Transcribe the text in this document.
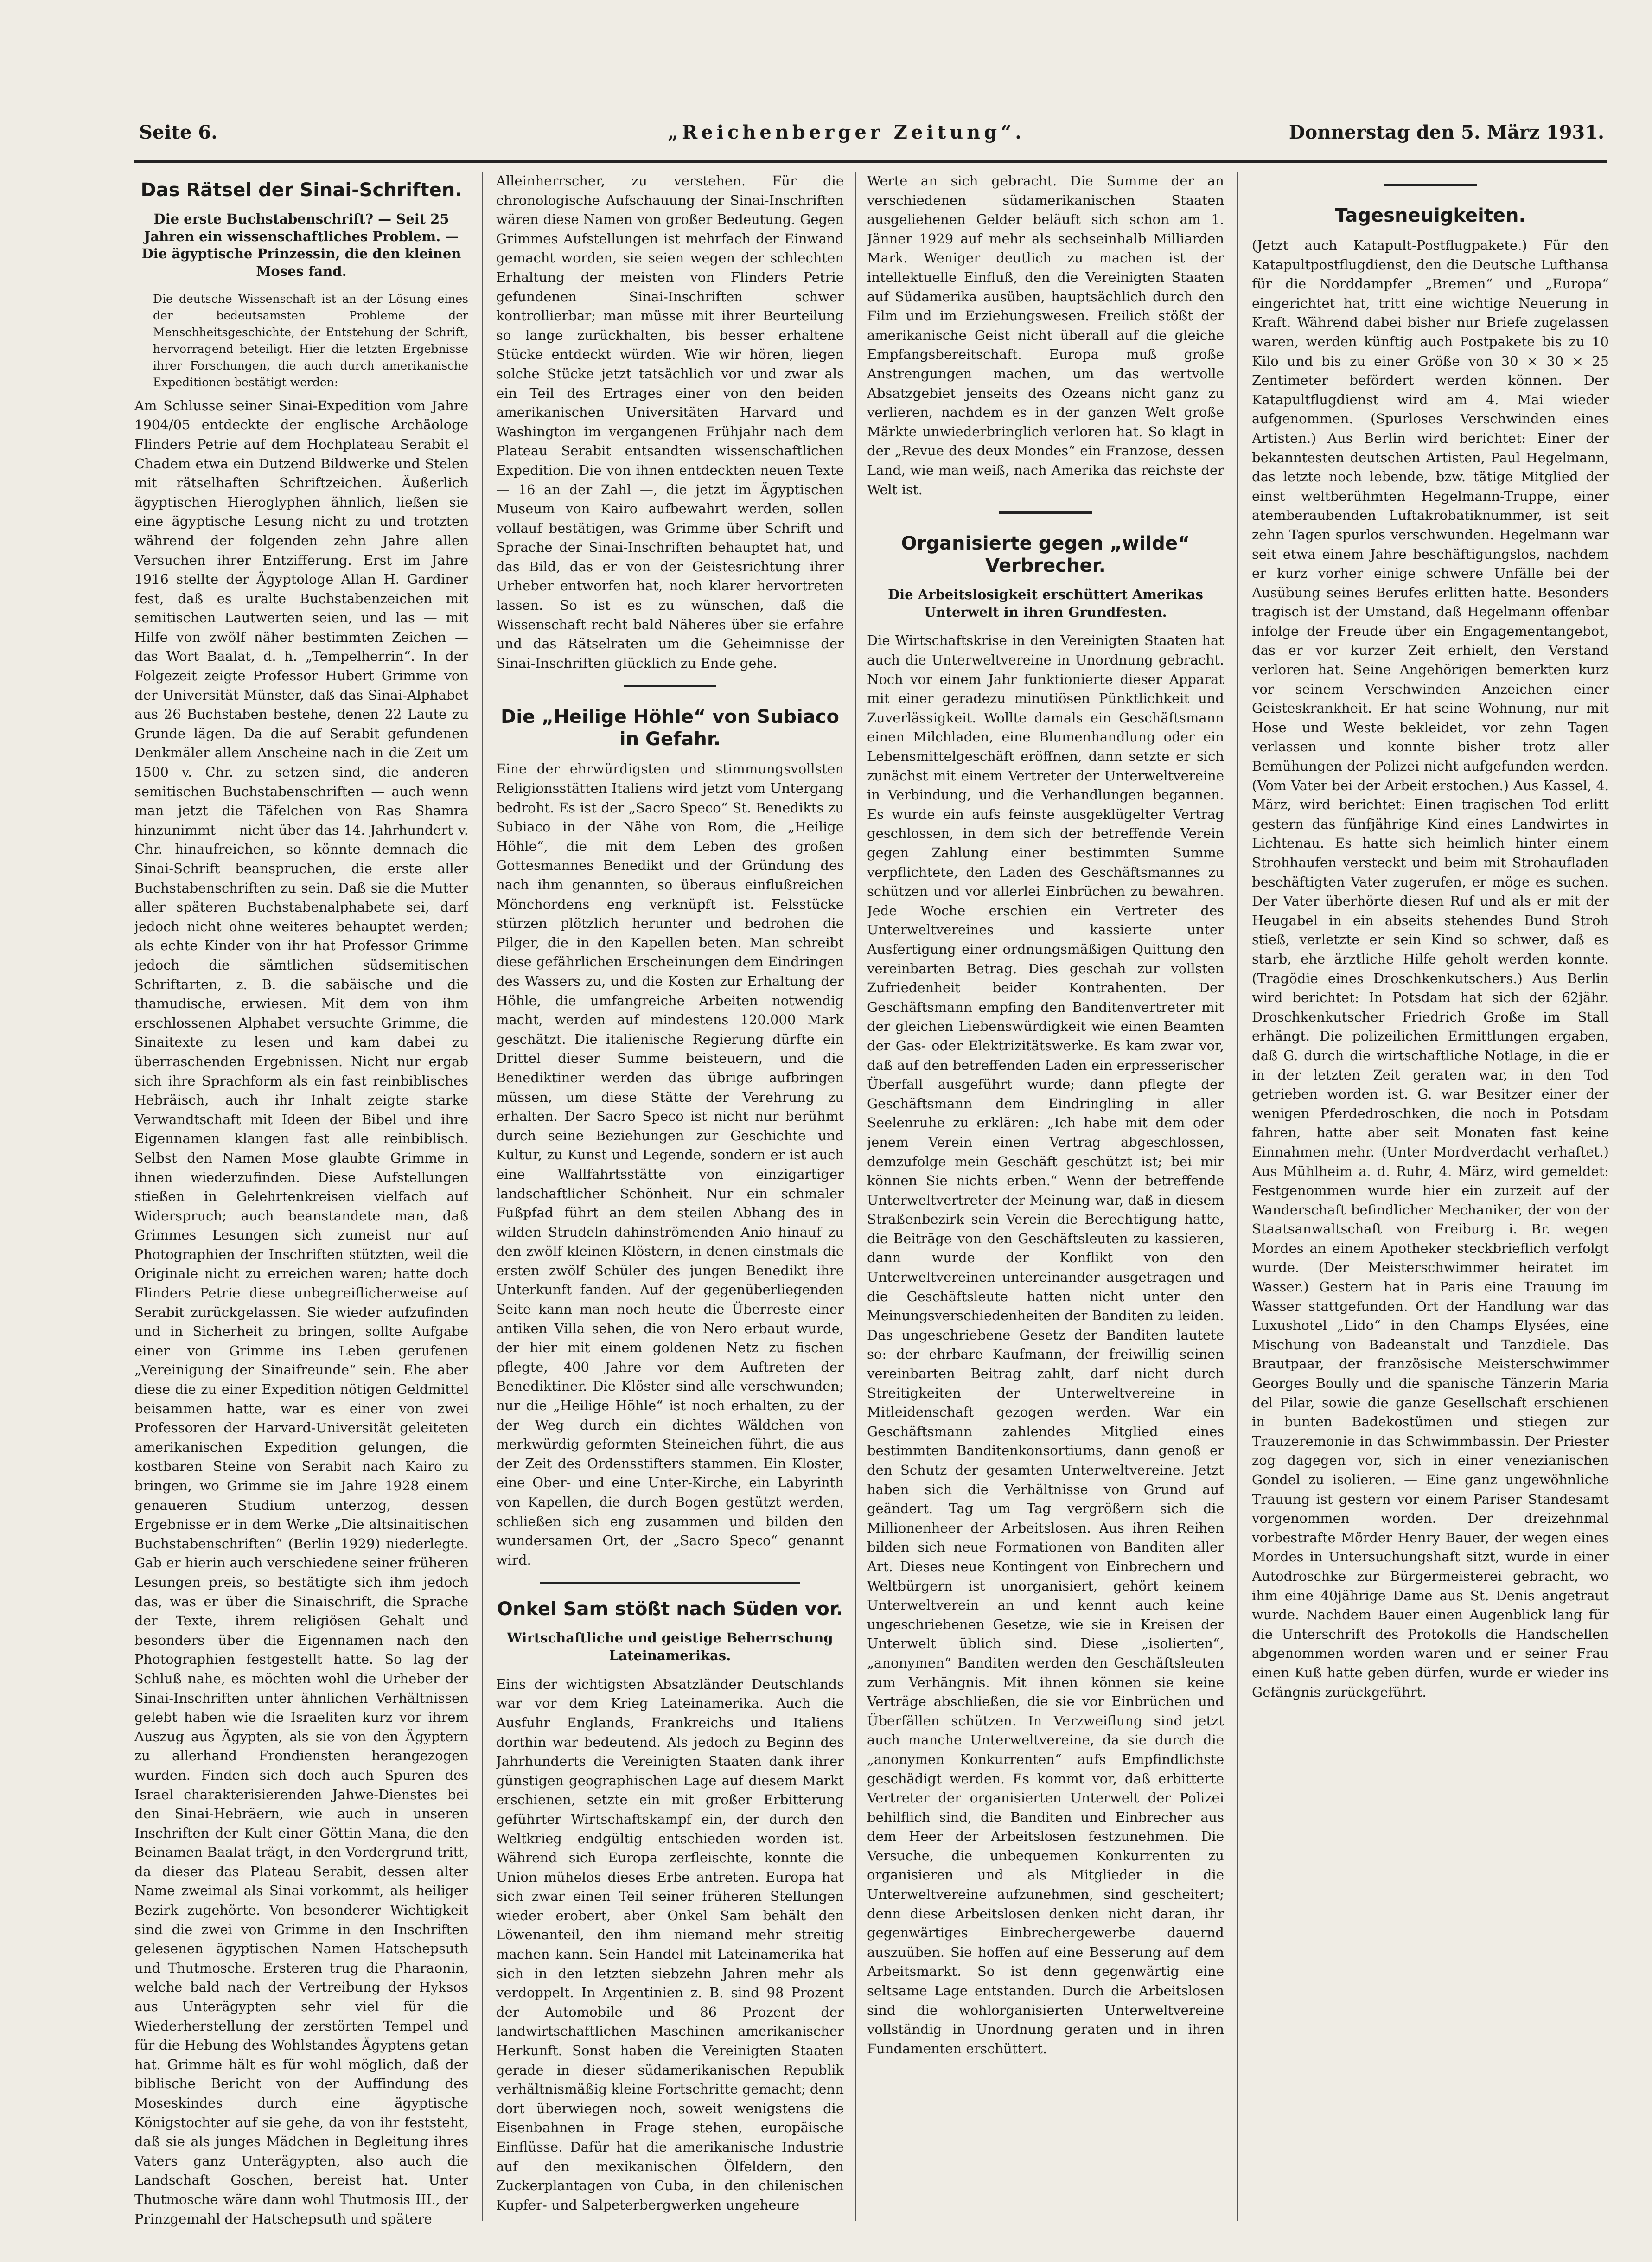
Seite 6.	„Reichenberger Zeitung“.	Donnerstag den 5. März 1931.
Das Rätsel der Sinai-Schriften.
Die erste Buchstabenschrift? — Seit 25 Jahren ein wissenschaftliches Problem. — Die ägyptische Prinzessin, die den kleinen Moses fand.

Die deutsche Wissenschaft ist an der Lösung eines der bedeutsamsten Probleme der Menschheitsgeschichte, der Entstehung der Schrift, hervorragend beteiligt. Hier die letzten Ergebnisse ihrer Forschungen, die auch durch amerikanische Expeditionen bestätigt werden:

Am Schlusse seiner Sinai-Expedition vom Jahre 1904/05 entdeckte der englische Archäologe Flinders Petrie auf dem Hochplateau Serabit el Chadem etwa ein Dutzend Bildwerke und Stelen mit rätselhaften Schriftzeichen. Äußerlich ägyptischen Hieroglyphen ähnlich, ließen sie eine ägyptische Lesung nicht zu und trotzten während der folgenden zehn Jahre allen Versuchen ihrer Entzifferung. Erst im Jahre 1916 stellte der Ägyptologe Allan H. Gardiner fest, daß es uralte Buchstabenzeichen mit semitischen Lautwerten seien, und las — mit Hilfe von zwölf näher bestimmten Zeichen — das Wort Baalat, d. h. „Tempelherrin“. In der Folgezeit zeigte Professor Hubert Grimme von der Universität Münster, daß das Sinai-Alphabet aus 26 Buchstaben bestehe, denen 22 Laute zu Grunde lägen. Da die auf Serabit gefundenen Denkmäler allem Anscheine nach in die Zeit um 1500 v. Chr. zu setzen sind, die anderen semitischen Buchstabenschriften — auch wenn man jetzt die Täfelchen von Ras Shamra hinzunimmt — nicht über das 14. Jahrhundert v. Chr. hinaufreichen, so könnte demnach die Sinai-Schrift beanspruchen, die erste aller Buchstabenschriften zu sein. Daß sie die Mutter aller späteren Buchstabenalphabete sei, darf jedoch nicht ohne weiteres behauptet werden; als echte Kinder von ihr hat Professor Grimme jedoch die sämtlichen südsemitischen Schriftarten, z. B. die sabäische und die thamudische, erwiesen. Mit dem von ihm erschlossenen Alphabet versuchte Grimme, die Sinaitexte zu lesen und kam dabei zu überraschenden Ergebnissen. Nicht nur ergab sich ihre Sprachform als ein fast reinbiblisches Hebräisch, auch ihr Inhalt zeigte starke Verwandtschaft mit Ideen der Bibel und ihre Eigennamen klangen fast alle reinbiblisch. Selbst den Namen Mose glaubte Grimme in ihnen wiederzufinden. Diese Aufstellungen stießen in Gelehrtenkreisen vielfach auf Widerspruch; auch beanstandete man, daß Grimmes Lesungen sich zumeist nur auf Photographien der Inschriften stützten, weil die Originale nicht zu erreichen waren; hatte doch Flinders Petrie diese unbegreiflicherweise auf Serabit zurückgelassen. Sie wieder aufzufinden und in Sicherheit zu bringen, sollte Aufgabe einer von Grimme ins Leben gerufenen „Vereinigung der Sinaifreunde“ sein. Ehe aber diese die zu einer Expedition nötigen Geldmittel beisammen hatte, war es einer von zwei Professoren der Harvard-Universität geleiteten amerikanischen Expedition gelungen, die kostbaren Steine von Serabit nach Kairo zu bringen, wo Grimme sie im Jahre 1928 einem genaueren Studium unterzog, dessen Ergebnisse er in dem Werke „Die altsinaitischen Buchstabenschriften“ (Berlin 1929) niederlegte. Gab er hierin auch verschiedene seiner früheren Lesungen preis, so bestätigte sich ihm jedoch das, was er über die Sinaischrift, die Sprache der Texte, ihrem religiösen Gehalt und besonders über die Eigennamen nach den Photographien festgestellt hatte. So lag der Schluß nahe, es möchten wohl die Urheber der Sinai-Inschriften unter ähnlichen Verhältnissen gelebt haben wie die Israeliten kurz vor ihrem Auszug aus Ägypten, als sie von den Ägyptern zu allerhand Frondiensten herangezogen wurden. Finden sich doch auch Spuren des Israel charakterisierenden Jahwe-Dienstes bei den Sinai-Hebräern, wie auch in unseren Inschriften der Kult einer Göttin Mana, die den Beinamen Baalat trägt, in den Vordergrund tritt, da dieser das Plateau Serabit, dessen alter Name zweimal als Sinai vorkommt, als heiliger Bezirk zugehörte. Von besonderer Wichtigkeit sind die zwei von Grimme in den Inschriften gelesenen ägyptischen Namen Hatschepsuth und Thutmosche. Ersteren trug die Pharaonin, welche bald nach der Vertreibung der Hyksos aus Unterägypten sehr viel für die Wiederherstellung der zerstörten Tempel und für die Hebung des Wohlstandes Ägyptens getan hat. Grimme hält es für wohl möglich, daß der biblische Bericht von der Auffindung des Moseskindes durch eine ägyptische Königstochter auf sie gehe, da von ihr feststeht, daß sie als junges Mädchen in Begleitung ihres Vaters ganz Unterägypten, also auch die Landschaft Goschen, bereist hat. Unter Thutmosche wäre dann wohl Thutmosis III., der Prinzgemahl der Hatschepsuth und spätere

Alleinherrscher, zu verstehen. Für die chronologische Aufschauung der Sinai-Inschriften wären diese Namen von großer Bedeutung. Gegen Grimmes Aufstellungen ist mehrfach der Einwand gemacht worden, sie seien wegen der schlechten Erhaltung der meisten von Flinders Petrie gefundenen Sinai-Inschriften schwer kontrollierbar; man müsse mit ihrer Beurteilung so lange zurückhalten, bis besser erhaltene Stücke entdeckt würden. Wie wir hören, liegen solche Stücke jetzt tatsächlich vor und zwar als ein Teil des Ertrages einer von den beiden amerikanischen Universitäten Harvard und Washington im vergangenen Frühjahr nach dem Plateau Serabit entsandten wissenschaftlichen Expedition. Die von ihnen entdeckten neuen Texte — 16 an der Zahl —, die jetzt im Ägyptischen Museum von Kairo aufbewahrt werden, sollen vollauf bestätigen, was Grimme über Schrift und Sprache der Sinai-Inschriften behauptet hat, und das Bild, das er von der Geistesrichtung ihrer Urheber entworfen hat, noch klarer hervortreten lassen. So ist es zu wünschen, daß die Wissenschaft recht bald Näheres über sie erfahre und das Rätselraten um die Geheimnisse der Sinai-Inschriften glücklich zu Ende gehe.

Die „Heilige Höhle“ von Subiaco in Gefahr.

Eine der ehrwürdigsten und stimmungsvollsten Religionsstätten Italiens wird jetzt vom Untergang bedroht. Es ist der „Sacro Speco“ St. Benedikts zu Subiaco in der Nähe von Rom, die „Heilige Höhle“, die mit dem Leben des großen Gottesmannes Benedikt und der Gründung des nach ihm genannten, so überaus einflußreichen Mönchordens eng verknüpft ist. Felsstücke stürzen plötzlich herunter und bedrohen die Pilger, die in den Kapellen beten. Man schreibt diese gefährlichen Erscheinungen dem Eindringen des Wassers zu, und die Kosten zur Erhaltung der Höhle, die umfangreiche Arbeiten notwendig macht, werden auf mindestens 120.000 Mark geschätzt. Die italienische Regierung dürfte ein Drittel dieser Summe beisteuern, und die Benediktiner werden das übrige aufbringen müssen, um diese Stätte der Verehrung zu erhalten. Der Sacro Speco ist nicht nur berühmt durch seine Beziehungen zur Geschichte und Kultur, zu Kunst und Legende, sondern er ist auch eine Wallfahrtsstätte von einzigartiger landschaftlicher Schönheit. Nur ein schmaler Fußpfad führt an dem steilen Abhang des in wilden Strudeln dahinströmenden Anio hinauf zu den zwölf kleinen Klöstern, in denen einstmals die ersten zwölf Schüler des jungen Benedikt ihre Unterkunft fanden. Auf der gegenüberliegenden Seite kann man noch heute die Überreste einer antiken Villa sehen, die von Nero erbaut wurde, der hier mit einem goldenen Netz zu fischen pflegte, 400 Jahre vor dem Auftreten der Benediktiner. Die Klöster sind alle verschwunden; nur die „Heilige Höhle“ ist noch erhalten, zu der der Weg durch ein dichtes Wäldchen von merkwürdig geformten Steineichen führt, die aus der Zeit des Ordensstifters stammen. Ein Kloster, eine Ober- und eine Unter-Kirche, ein Labyrinth von Kapellen, die durch Bogen gestützt werden, schließen sich eng zusammen und bilden den wundersamen Ort, der „Sacro Speco“ genannt wird.

Onkel Sam stößt nach Süden vor.
Wirtschaftliche und geistige Beherrschung Lateinamerikas.

Eins der wichtigsten Absatzländer Deutschlands war vor dem Krieg Lateinamerika. Auch die Ausfuhr Englands, Frankreichs und Italiens dorthin war bedeutend. Als jedoch zu Beginn des Jahrhunderts die Vereinigten Staaten dank ihrer günstigen geographischen Lage auf diesem Markt erschienen, setzte ein mit großer Erbitterung geführter Wirtschaftskampf ein, der durch den Weltkrieg endgültig entschieden worden ist. Während sich Europa zerfleischte, konnte die Union mühelos dieses Erbe antreten. Europa hat sich zwar einen Teil seiner früheren Stellungen wieder erobert, aber Onkel Sam behält den Löwenanteil, den ihm niemand mehr streitig machen kann. Sein Handel mit Lateinamerika hat sich in den letzten siebzehn Jahren mehr als verdoppelt. In Argentinien z. B. sind 98 Prozent der Automobile und 86 Prozent der landwirtschaftlichen Maschinen amerikanischer Herkunft. Sonst haben die Vereinigten Staaten gerade in dieser südamerikanischen Republik verhältnismäßig kleine Fortschritte gemacht; denn dort überwiegen noch, soweit wenigstens die Eisenbahnen in Frage stehen, europäische Einflüsse. Dafür hat die amerikanische Industrie auf den mexikanischen Ölfeldern, den Zuckerplantagen von Cuba, in den chilenischen Kupfer- und Salpeterbergwerken ungeheure

Werte an sich gebracht. Die Summe der an verschiedenen südamerikanischen Staaten ausgeliehenen Gelder beläuft sich schon am 1. Jänner 1929 auf mehr als sechseinhalb Milliarden Mark. Weniger deutlich zu machen ist der intellektuelle Einfluß, den die Vereinigten Staaten auf Südamerika ausüben, hauptsächlich durch den Film und im Erziehungswesen. Freilich stößt der amerikanische Geist nicht überall auf die gleiche Empfangsbereitschaft. Europa muß große Anstrengungen machen, um das wertvolle Absatzgebiet jenseits des Ozeans nicht ganz zu verlieren, nachdem es in der ganzen Welt große Märkte unwiederbringlich verloren hat. So klagt in der „Revue des deux Mondes“ ein Franzose, dessen Land, wie man weiß, nach Amerika das reichste der Welt ist.

Organisierte gegen „wilde“ Verbrecher.
Die Arbeitslosigkeit erschüttert Amerikas Unterwelt in ihren Grundfesten.

Die Wirtschaftskrise in den Vereinigten Staaten hat auch die Unterweltvereine in Unordnung gebracht. Noch vor einem Jahr funktionierte dieser Apparat mit einer geradezu minutiösen Pünktlichkeit und Zuverlässigkeit. Wollte damals ein Geschäftsmann einen Milchladen, eine Blumenhandlung oder ein Lebensmittelgeschäft eröffnen, dann setzte er sich zunächst mit einem Vertreter der Unterweltvereine in Verbindung, und die Verhandlungen begannen. Es wurde ein aufs feinste ausgeklügelter Vertrag geschlossen, in dem sich der betreffende Verein gegen Zahlung einer bestimmten Summe verpflichtete, den Laden des Geschäftsmannes zu schützen und vor allerlei Einbrüchen zu bewahren. Jede Woche erschien ein Vertreter des Unterweltvereines und kassierte unter Ausfertigung einer ordnungsmäßigen Quittung den vereinbarten Betrag. Dies geschah zur vollsten Zufriedenheit beider Kontrahenten. Der Geschäftsmann empfing den Banditenvertreter mit der gleichen Liebenswürdigkeit wie einen Beamten der Gas- oder Elektrizitätswerke. Es kam zwar vor, daß auf den betreffenden Laden ein erpresserischer Überfall ausgeführt wurde; dann pflegte der Geschäftsmann dem Eindringling in aller Seelenruhe zu erklären: „Ich habe mit dem oder jenem Verein einen Vertrag abgeschlossen, demzufolge mein Geschäft geschützt ist; bei mir können Sie nichts erben.“ Wenn der betreffende Unterweltvertreter der Meinung war, daß in diesem Straßenbezirk sein Verein die Berechtigung hatte, die Beiträge von den Geschäftsleuten zu kassieren, dann wurde der Konflikt von den Unterweltvereinen untereinander ausgetragen und die Geschäftsleute hatten nicht unter den Meinungsverschiedenheiten der Banditen zu leiden. Das ungeschriebene Gesetz der Banditen lautete so: der ehrbare Kaufmann, der freiwillig seinen vereinbarten Beitrag zahlt, darf nicht durch Streitigkeiten der Unterweltvereine in Mitleidenschaft gezogen werden. War ein Geschäftsmann zahlendes Mitglied eines bestimmten Banditenkonsortiums, dann genoß er den Schutz der gesamten Unterweltvereine. Jetzt haben sich die Verhältnisse von Grund auf geändert. Tag um Tag vergrößern sich die Millionenheer der Arbeitslosen. Aus ihren Reihen bilden sich neue Formationen von Banditen aller Art. Dieses neue Kontingent von Einbrechern und Weltbürgern ist unorganisiert, gehört keinem Unterweltverein an und kennt auch keine ungeschriebenen Gesetze, wie sie in Kreisen der Unterwelt üblich sind. Diese „isolierten“, „anonymen“ Banditen werden den Geschäftsleuten zum Verhängnis. Mit ihnen können sie keine Verträge abschließen, die sie vor Einbrüchen und Überfällen schützen. In Verzweiflung sind jetzt auch manche Unterweltvereine, da sie durch die „anonymen Konkurrenten“ aufs Empfindlichste geschädigt werden. Es kommt vor, daß erbitterte Vertreter der organisierten Unterwelt der Polizei behilflich sind, die Banditen und Einbrecher aus dem Heer der Arbeitslosen festzunehmen. Die Versuche, die unbequemen Konkurrenten zu organisieren und als Mitglieder in die Unterweltvereine aufzunehmen, sind gescheitert; denn diese Arbeitslosen denken nicht daran, ihr gegenwärtiges Einbrechergewerbe dauernd auszuüben. Sie hoffen auf eine Besserung auf dem Arbeitsmarkt. So ist denn gegenwärtig eine seltsame Lage entstanden. Durch die Arbeitslosen sind die wohlorganisierten Unterweltvereine vollständig in Unordnung geraten und in ihren Fundamenten erschüttert.

Tagesneuigkeiten.

(Jetzt auch Katapult-Postflugpakete.) Für den Katapultpostflugdienst, den die Deutsche Lufthansa für die Norddampfer „Bremen“ und „Europa“ eingerichtet hat, tritt eine wichtige Neuerung in Kraft. Während dabei bisher nur Briefe zugelassen waren, werden künftig auch Postpakete bis zu 10 Kilo und bis zu einer Größe von 30 × 30 × 25 Zentimeter befördert werden können. Der Katapultflugdienst wird am 4. Mai wieder aufgenommen. (Spurloses Verschwinden eines Artisten.) Aus Berlin wird berichtet: Einer der bekanntesten deutschen Artisten, Paul Hegelmann, das letzte noch lebende, bzw. tätige Mitglied der einst weltberühmten Hegelmann-Truppe, einer atemberaubenden Luftakrobatiknummer, ist seit zehn Tagen spurlos verschwunden. Hegelmann war seit etwa einem Jahre beschäftigungslos, nachdem er kurz vorher einige schwere Unfälle bei der Ausübung seines Berufes erlitten hatte. Besonders tragisch ist der Umstand, daß Hegelmann offenbar infolge der Freude über ein Engagementangebot, das er vor kurzer Zeit erhielt, den Verstand verloren hat. Seine Angehörigen bemerkten kurz vor seinem Verschwinden Anzeichen einer Geisteskrankheit. Er hat seine Wohnung, nur mit Hose und Weste bekleidet, vor zehn Tagen verlassen und konnte bisher trotz aller Bemühungen der Polizei nicht aufgefunden werden. (Vom Vater bei der Arbeit erstochen.) Aus Kassel, 4. März, wird berichtet: Einen tragischen Tod erlitt gestern das fünfjährige Kind eines Landwirtes in Lichtenau. Es hatte sich heimlich hinter einem Strohhaufen versteckt und beim mit Strohaufladen beschäftigten Vater zugerufen, er möge es suchen. Der Vater überhörte diesen Ruf und als er mit der Heugabel in ein abseits stehendes Bund Stroh stieß, verletzte er sein Kind so schwer, daß es starb, ehe ärztliche Hilfe geholt werden konnte. (Tragödie eines Droschkenkutschers.) Aus Berlin wird berichtet: In Potsdam hat sich der 62jähr. Droschkenkutscher Friedrich Große im Stall erhängt. Die polizeilichen Ermittlungen ergaben, daß G. durch die wirtschaftliche Notlage, in die er in der letzten Zeit geraten war, in den Tod getrieben worden ist. G. war Besitzer einer der wenigen Pferdedroschken, die noch in Potsdam fahren, hatte aber seit Monaten fast keine Einnahmen mehr. (Unter Mordverdacht verhaftet.) Aus Mühlheim a. d. Ruhr, 4. März, wird gemeldet: Festgenommen wurde hier ein zurzeit auf der Wanderschaft befindlicher Mechaniker, der von der Staatsanwaltschaft von Freiburg i. Br. wegen Mordes an einem Apotheker steckbrieflich verfolgt wurde. (Der Meisterschwimmer heiratet im Wasser.) Gestern hat in Paris eine Trauung im Wasser stattgefunden. Ort der Handlung war das Luxushotel „Lido“ in den Champs Elysées, eine Mischung von Badeanstalt und Tanzdiele. Das Brautpaar, der französische Meisterschwimmer Georges Boully und die spanische Tänzerin Maria del Pilar, sowie die ganze Gesellschaft erschienen in bunten Badekostümen und stiegen zur Trauzeremonie in das Schwimmbassin. Der Priester zog dagegen vor, sich in einer venezianischen Gondel zu isolieren. — Eine ganz ungewöhnliche Trauung ist gestern vor einem Pariser Standesamt vorgenommen worden. Der dreizehnmal vorbestrafte Mörder Henry Bauer, der wegen eines Mordes in Untersuchungshaft sitzt, wurde in einer Autodroschke zur Bürgermeisterei gebracht, wo ihm eine 40jährige Dame aus St. Denis angetraut wurde. Nachdem Bauer einen Augenblick lang für die Unterschrift des Protokolls die Handschellen abgenommen worden waren und er seiner Frau einen Kuß hatte geben dürfen, wurde er wieder ins Gefängnis zurückgeführt.
